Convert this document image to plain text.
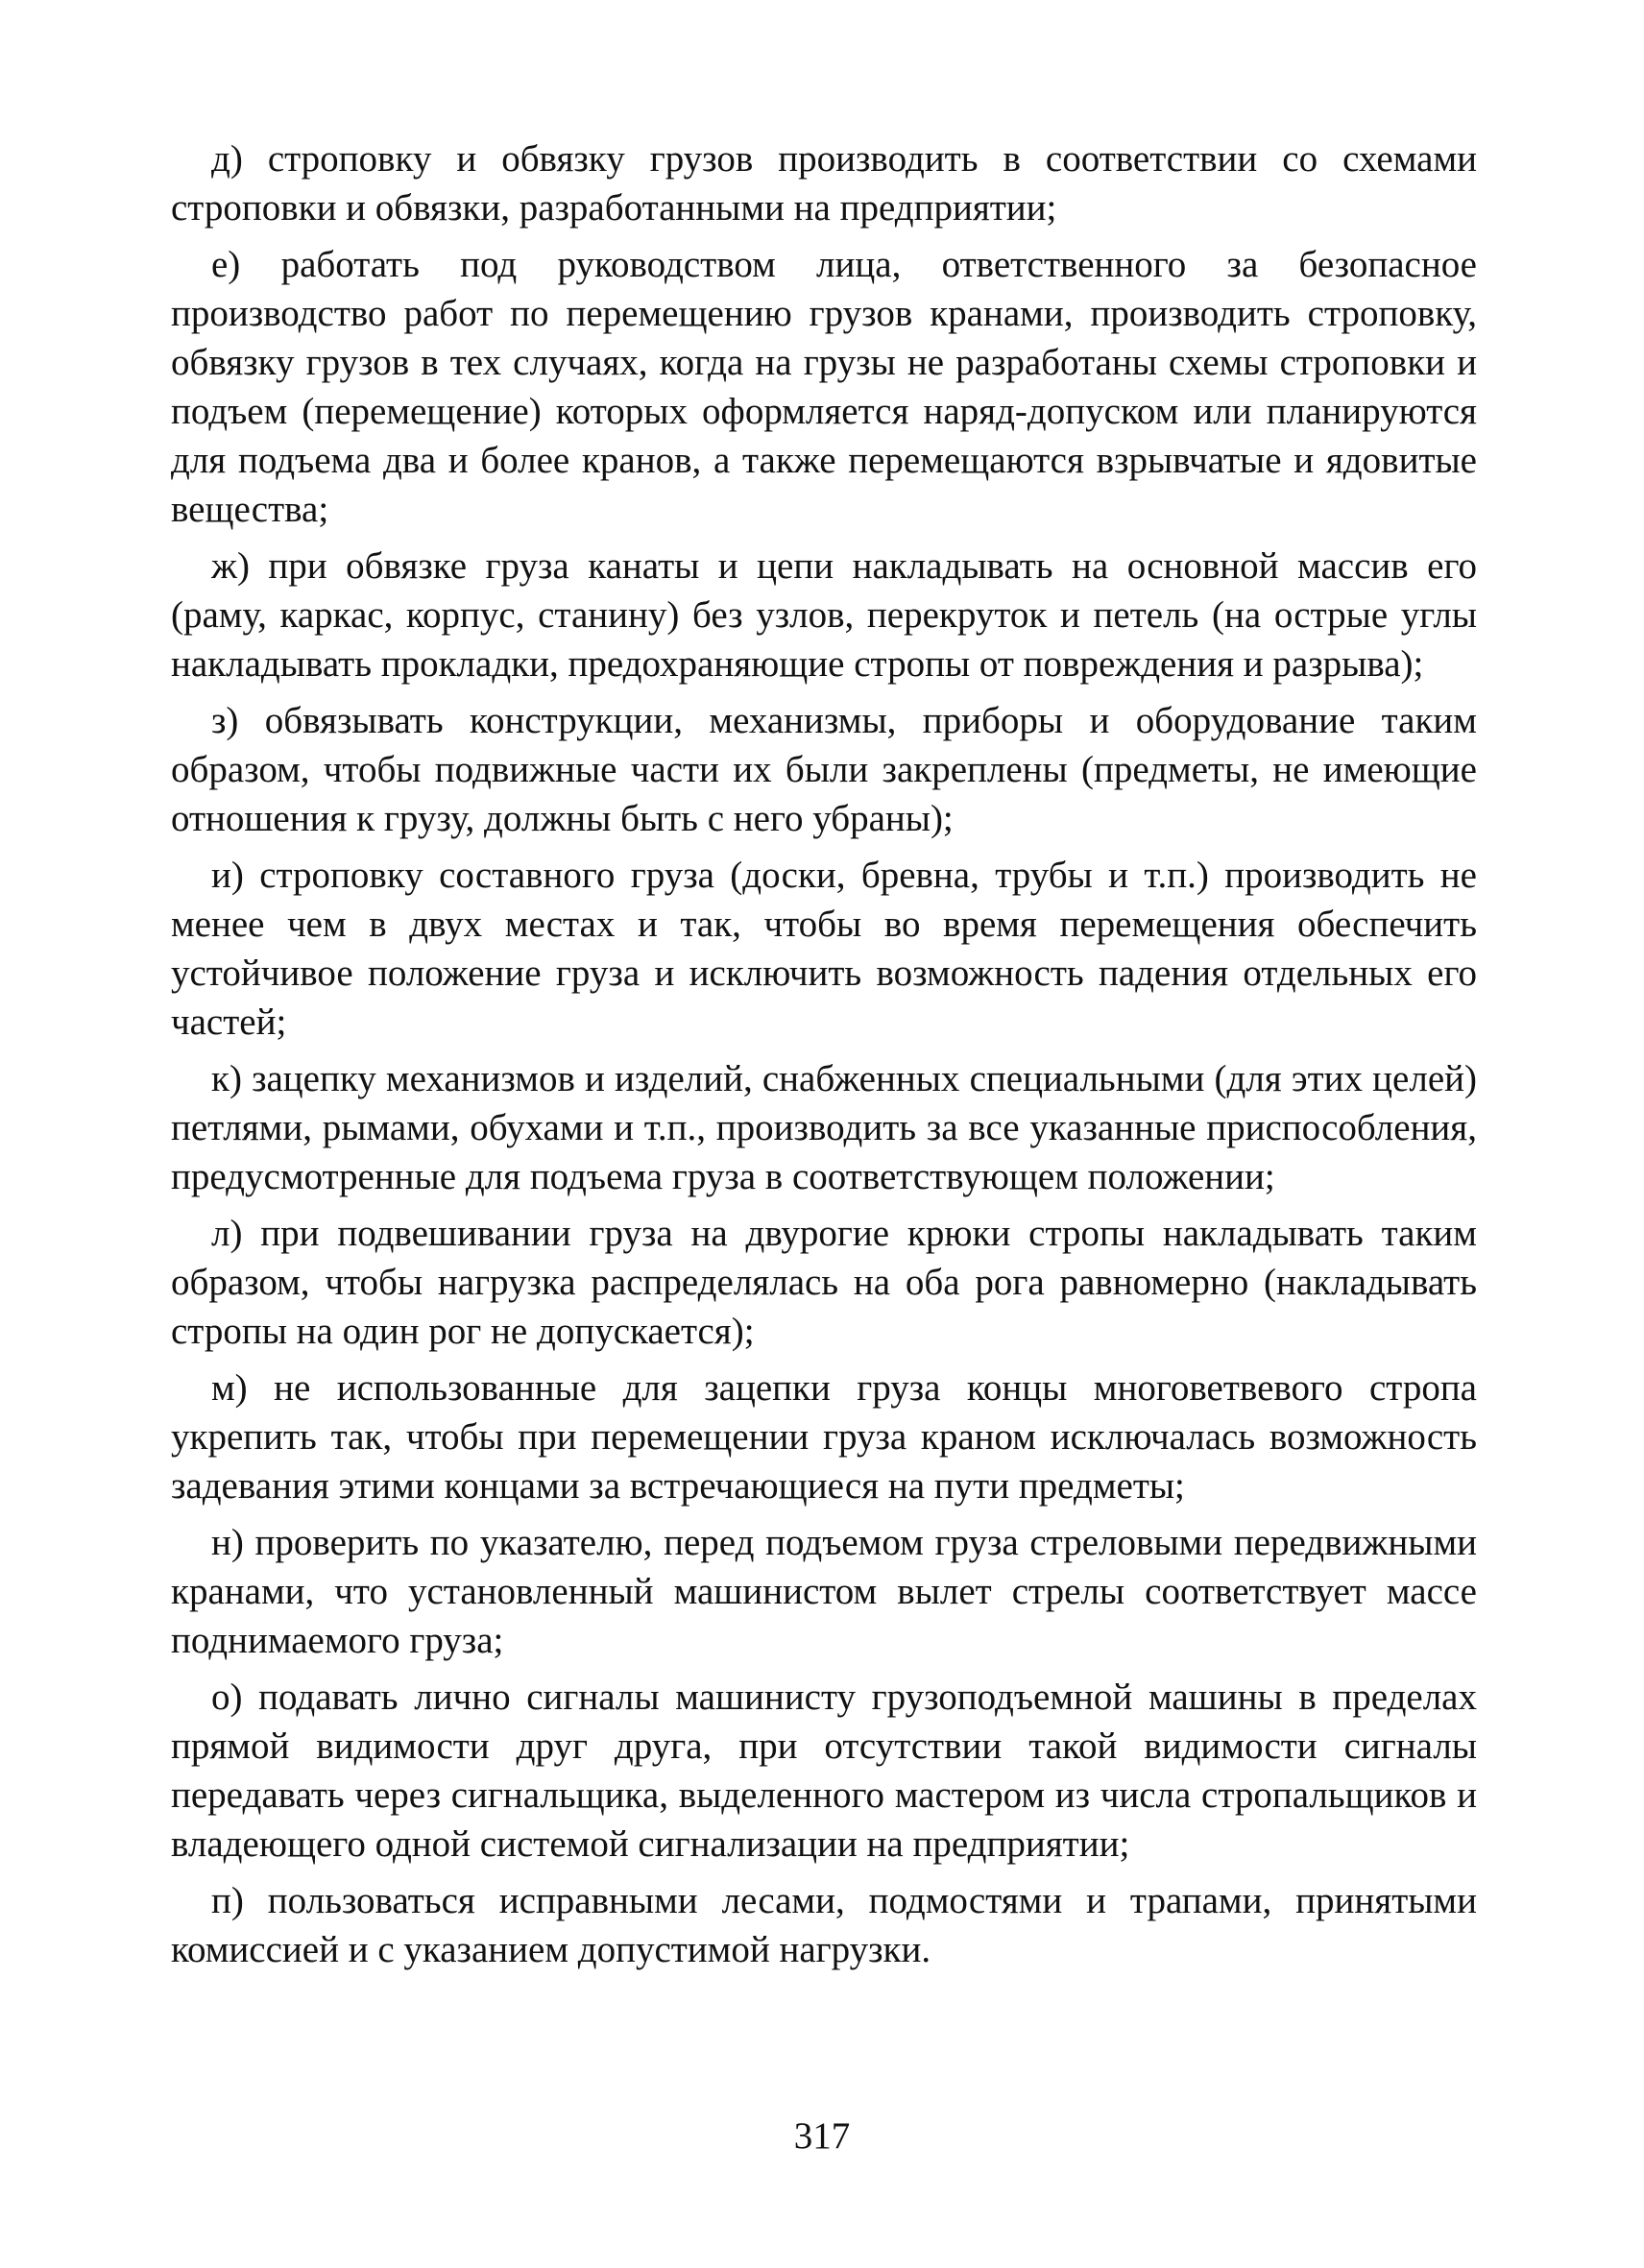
д) строповку и обвязку грузов производить в соответствии со схемами строповки и обвязки, разработанными на предприятии;

е) работать под руководством лица, ответственного за безопасное производство работ по перемещению грузов кранами, производить строповку, обвязку грузов в тех случаях, когда на грузы не разработаны схемы строповки и подъем (перемещение) которых оформляется наряд-допуском или планируются для подъема два и более кранов, а также перемещаются взрывчатые и ядовитые вещества;

ж) при обвязке груза канаты и цепи накладывать на основной массив его (раму, каркас, корпус, станину) без узлов, перекруток и петель (на острые углы накладывать прокладки, предохраняющие стропы от повреждения и разрыва);

з) обвязывать конструкции, механизмы, приборы и оборудование таким образом, чтобы подвижные части их были закреплены (предметы, не имеющие отношения к грузу, должны быть с него убраны);

и) строповку составного груза (доски, бревна, трубы и т.п.) производить не менее чем в двух местах и так, чтобы во время перемещения обеспечить устойчивое положение груза и исключить возможность падения отдельных его частей;

к) зацепку механизмов и изделий, снабженных специальными (для этих целей) петлями, рымами, обухами и т.п., производить за все указанные приспособления, предусмотренные для подъема груза в соответствующем положении;

л) при подвешивании груза на двурогие крюки стропы накладывать таким образом, чтобы нагрузка распределялась на оба рога равномерно (накладывать стропы на один рог не допускается);

м) не использованные для зацепки груза концы многоветвевого стропа укрепить так, чтобы при перемещении груза краном исключалась возможность задевания этими концами за встречающиеся на пути предметы;

н) проверить по указателю, перед подъемом груза стреловыми передвижными кранами, что установленный машинистом вылет стрелы соответствует массе поднимаемого груза;

о) подавать лично сигналы машинисту грузоподъемной машины в пределах прямой видимости друг друга, при отсутствии такой видимости сигналы передавать через сигнальщика, выделенного мастером из числа стропальщиков и владеющего одной системой сигнализации на предприятии;

п) пользоваться исправными лесами, подмостями и трапами, принятыми комиссией и с указанием допустимой нагрузки.

317
